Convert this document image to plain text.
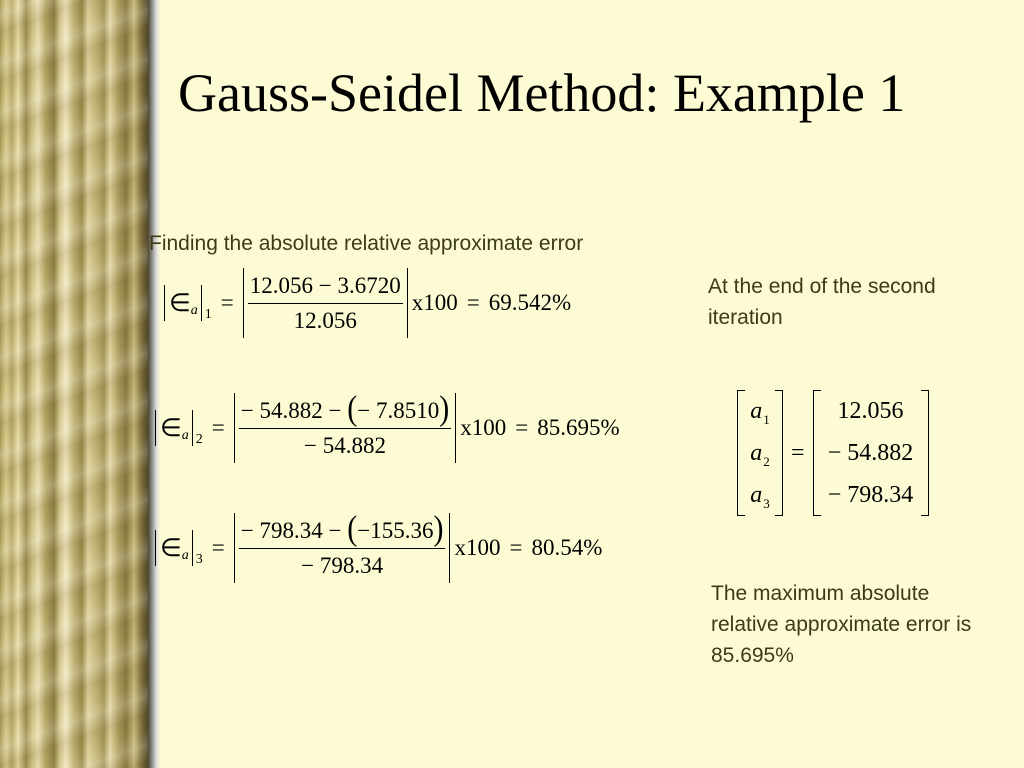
Gauss-Seidel Method: Example 1
Finding the absolute relative approximate error
At the end of the second iteration
The maximum absolute relative approximate error is 85.695%
∈ a $1 = \frac{12.056 - 3.6720}{12.056} x100 = 69.542\%$
∈ a $2 = \frac{- 54.882 - (- 7.8510)}{- 54.882} x100 = 85.695\%$
∈ a $3 = \frac{- 798.34 - (-155.36)}{- 798.34} x100 = 80.54\%$
$a_1$
$a_2$
$a_3$
=
12.056
− 54.882
− 798.34
